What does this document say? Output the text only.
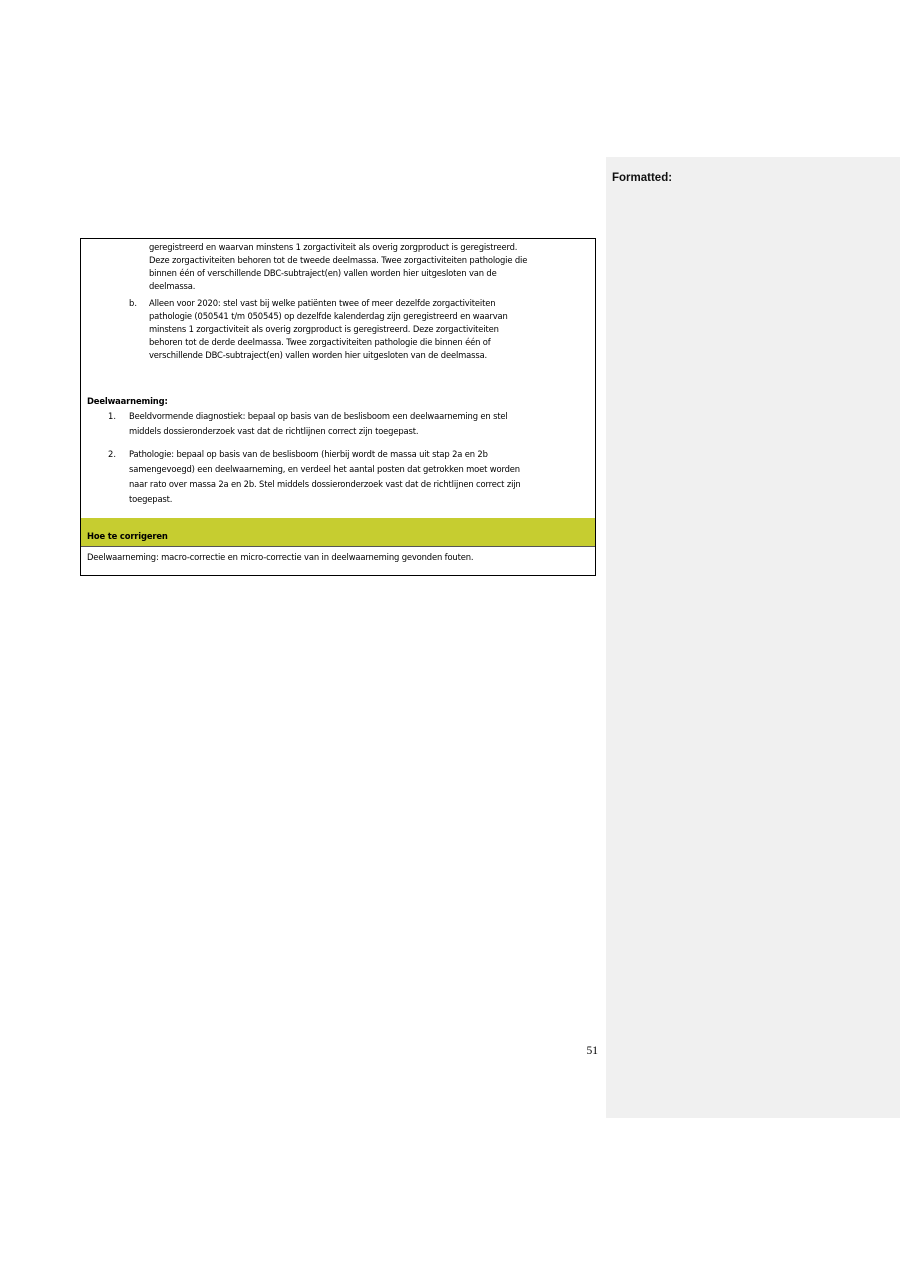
Formatted:

geregistreerd en waarvan minstens 1 zorgactiviteit als overig zorgproduct is geregistreerd.

Deze zorgactiviteiten behoren tot de tweede deelmassa. Twee zorgactiviteiten pathologie die

binnen één of verschillende DBC-subtraject(en) vallen worden hier uitgesloten van de

deelmassa.

b. Alleen voor 2020: stel vast bij welke patiënten twee of meer dezelfde zorgactiviteiten

pathologie (050541 t/m 050545) op dezelfde kalenderdag zijn geregistreerd en waarvan

minstens 1 zorgactiviteit als overig zorgproduct is geregistreerd. Deze zorgactiviteiten

behoren tot de derde deelmassa. Twee zorgactiviteiten pathologie die binnen één of

verschillende DBC-subtraject(en) vallen worden hier uitgesloten van de deelmassa.

Deelwaarneming:

1. Beeldvormende diagnostiek: bepaal op basis van de beslisboom een deelwaarneming en stel

middels dossieronderzoek vast dat de richtlijnen correct zijn toegepast.

2. Pathologie: bepaal op basis van de beslisboom (hierbij wordt de massa uit stap 2a en 2b

samengevoegd) een deelwaarneming, en verdeel het aantal posten dat getrokken moet worden

naar rato over massa 2a en 2b. Stel middels dossieronderzoek vast dat de richtlijnen correct zijn

toegepast.

Hoe te corrigeren

Deelwaarneming: macro-correctie en micro-correctie van in deelwaarneming gevonden fouten.

51
